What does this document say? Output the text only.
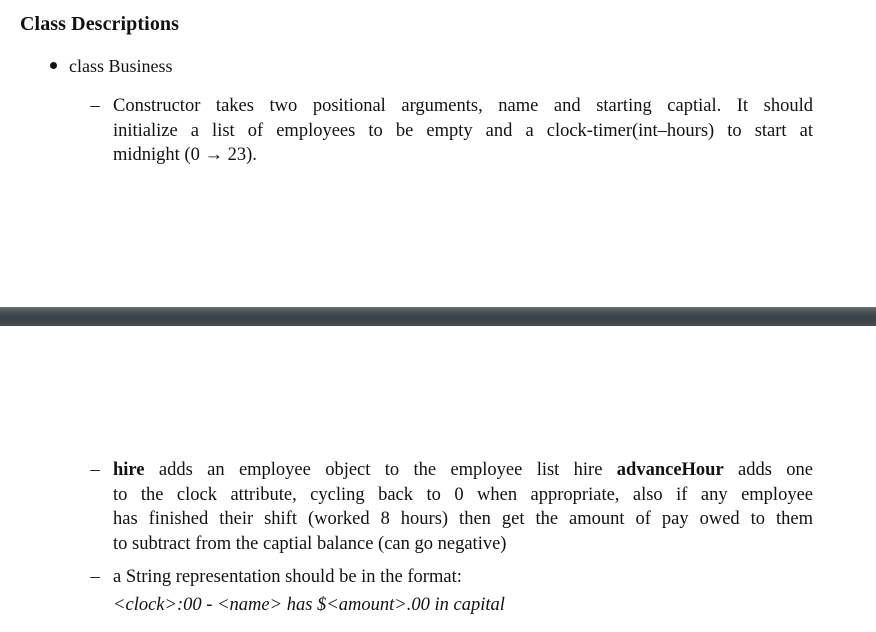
Class Descriptions
class Business
– Constructor takes two positional arguments, name and starting captial. It should
initialize a list of employees to be empty and a clock-timer(int–hours) to start at
midnight (0 → 23).
– hire adds an employee object to the employee list hire advanceHour adds one
to the clock attribute, cycling back to 0 when appropriate, also if any employee
has finished their shift (worked 8 hours) then get the amount of pay owed to them
to subtract from the captial balance (can go negative)
– a String representation should be in the format:
<clock>:00 - <name> has $<amount>.00 in capital
